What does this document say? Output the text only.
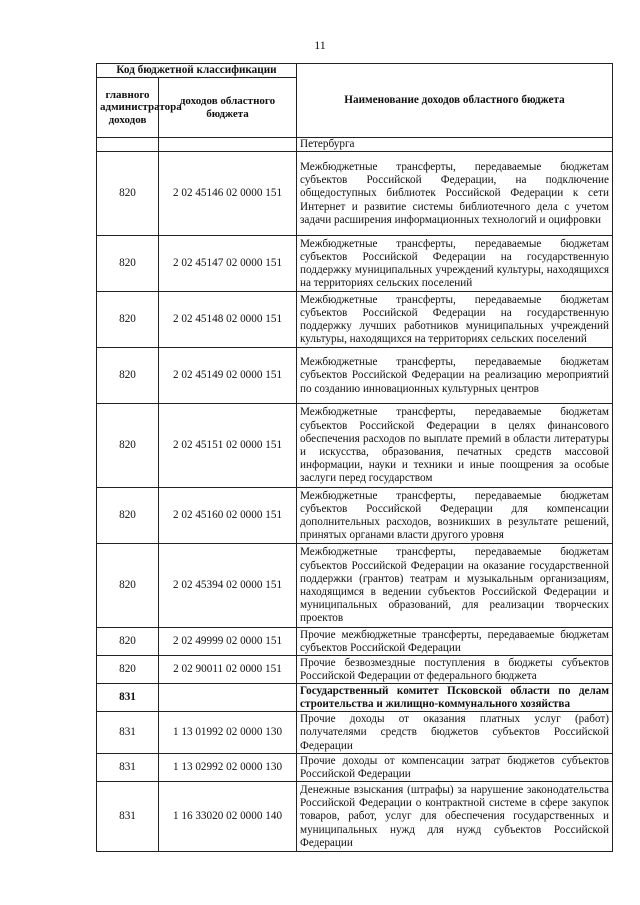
11
Код бюджетной классификации		Наименование доходов областного бюджета
главного администратора доходов	доходов областного бюджета	
		Петербурга
820	2 02 45146 02 0000 151	Межбюджетные трансферты, передаваемые бюджетам субъектов Российской Федерации, на подключение общедоступных библиотек Российской Федерации к сети Интернет и развитие системы библиотечного дела с учетом задачи расширения информационных технологий и оцифровки
820	2 02 45147 02 0000 151	Межбюджетные трансферты, передаваемые бюджетам субъектов Российской Федерации на государственную поддержку муниципальных учреждений культуры, находящихся на территориях сельских поселений
820	2 02 45148 02 0000 151	Межбюджетные трансферты, передаваемые бюджетам субъектов Российской Федерации на государственную поддержку лучших работников муниципальных учреждений культуры, находящихся на территориях сельских поселений
820	2 02 45149 02 0000 151	Межбюджетные трансферты, передаваемые бюджетам субъектов Российской Федерации на реализацию мероприятий по созданию инновационных культурных центров
820	2 02 45151 02 0000 151	Межбюджетные трансферты, передаваемые бюджетам субъектов Российской Федерации в целях финансового обеспечения расходов по выплате премий в области литературы и искусства, образования, печатных средств массовой информации, науки и техники и иные поощрения за особые заслуги перед государством
820	2 02 45160 02 0000 151	Межбюджетные трансферты, передаваемые бюджетам субъектов Российской Федерации для компенсации дополнительных расходов, возникших в результате решений, принятых органами власти другого уровня
820	2 02 45394 02 0000 151	Межбюджетные трансферты, передаваемые бюджетам субъектов Российской Федерации на оказание государственной поддержки (грантов) театрам и музыкальным организациям, находящимся в ведении субъектов Российской Федерации и муниципальных образований, для реализации творческих проектов
820	2 02 49999 02 0000 151	Прочие межбюджетные трансферты, передаваемые бюджетам субъектов Российской Федерации
820	2 02 90011 02 0000 151	Прочие безвозмездные поступления в бюджеты субъектов Российской Федерации от федерального бюджета
831		Государственный комитет Псковской области по делам строительства и жилищно-коммунального хозяйства
831	1 13 01992 02 0000 130	Прочие доходы от оказания платных услуг (работ) получателями средств бюджетов субъектов Российской Федерации
831	1 13 02992 02 0000 130	Прочие доходы от компенсации затрат бюджетов субъектов Российской Федерации
831	1 16 33020 02 0000 140	Денежные взыскания (штрафы) за нарушение законодательства Российской Федерации о контрактной системе в сфере закупок товаров, работ, услуг для обеспечения государственных и муниципальных нужд для нужд субъектов Российской Федерации
